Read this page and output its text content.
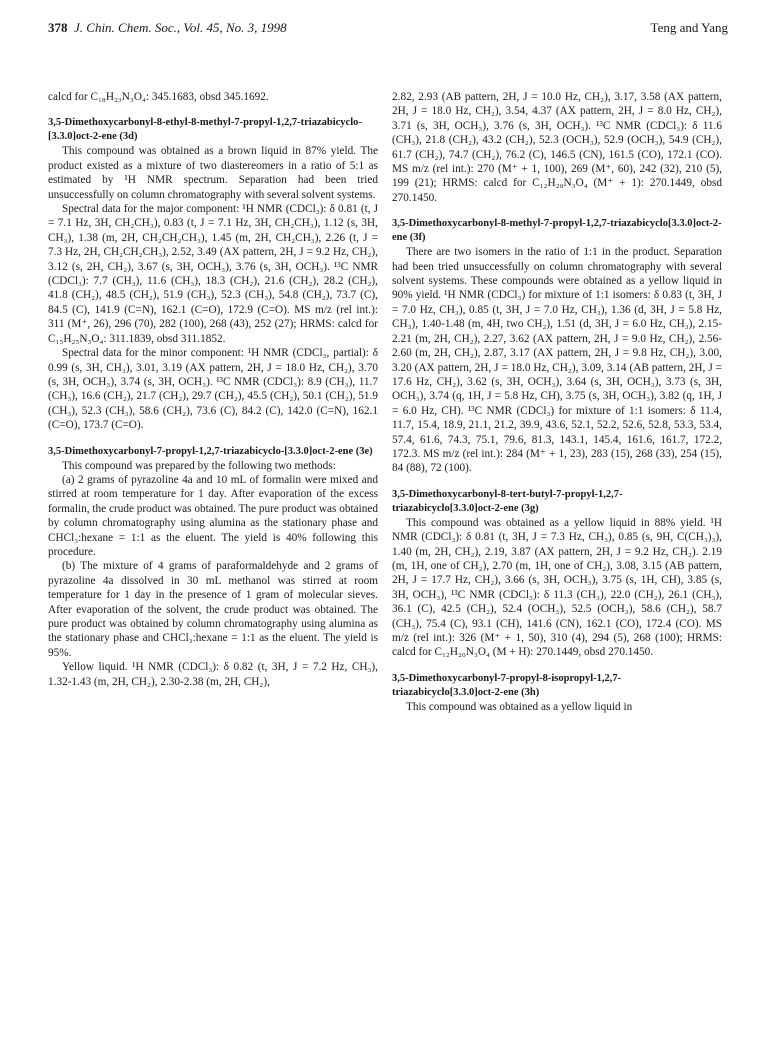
378 J. Chin. Chem. Soc., Vol. 45, No. 3, 1998	Teng and Yang

calcd for C₁₈H₂₃N₃O₄: 345.1683, obsd 345.1692.

3,5-Dimethoxycarbonyl-8-ethyl-8-methyl-7-propyl-1,2,7-triazabicyclo-[3.3.0]oct-2-ene (3d)

This compound was obtained as a brown liquid in 87% yield. The product existed as a mixture of two diastereomers in a ratio of 5:1 as estimated by ¹H NMR spectrum. Separation had been tried unsuccessfully on column chromatography with several solvent systems.

Spectral data for the major component: ¹H NMR (CDCl₃): δ 0.81 (t, J = 7.1 Hz, 3H, CH₂CH₃), 0.83 (t, J = 7.1 Hz, 3H, CH₂CH₃), 1.12 (s, 3H, CH₃), 1.38 (m, 2H, CH₂CH₂CH₃), 1.45 (m, 2H, CH₂CH₃), 2.26 (t, J = 7.3 Hz, 2H, CH₂CH₂CH₃), 2.52, 3.49 (AX pattern, 2H, J = 9.2 Hz, CH₂), 3.12 (s, 2H, CH₂), 3.67 (s, 3H, OCH₃), 3.76 (s, 3H, OCH₃). ¹³C NMR (CDCl₃): 7.7 (CH₃), 11.6 (CH₃), 18.3 (CH₂), 21.6 (CH₂), 28.2 (CH₂), 41.8 (CH₂), 48.5 (CH₂), 51.9 (CH₃), 52.3 (CH₃), 54.8 (CH₂), 73.7 (C), 84.5 (C), 141.9 (C=N), 162.1 (C=O), 172.9 (C=O). MS m/z (rel int.): 311 (M⁺, 26), 296 (70), 282 (100), 268 (43), 252 (27); HRMS: calcd for C₁₅H₂₅N₃O₄: 311.1839, obsd 311.1852.

Spectral data for the minor component: ¹H NMR (CDCl₃, partial): δ 0.99 (s, 3H, CH₃), 3.01, 3.19 (AX pattern, 2H, J = 18.0 Hz, CH₂), 3.70 (s, 3H, OCH₃), 3.74 (s, 3H, OCH₃). ¹³C NMR (CDCl₃): 8.9 (CH₃), 11.7 (CH₃), 16.6 (CH₂), 21.7 (CH₂), 29.7 (CH₂), 45.5 (CH₂), 50.1 (CH₂), 51.9 (CH₃), 52.3 (CH₃), 58.6 (CH₂), 73.6 (C), 84.2 (C), 142.0 (C=N), 162.1 (C=O), 173.7 (C=O).

3,5-Dimethoxycarbonyl-7-propyl-1,2,7-triazabicyclo-[3.3.0]oct-2-ene (3e)

This compound was prepared by the following two methods:

(a) 2 grams of pyrazoline 4a and 10 mL of formalin were mixed and stirred at room temperature for 1 day. After evaporation of the excess formalin, the crude product was obtained. The pure product was obtained by column chromatography using alumina as the stationary phase and CHCl₃:hexane = 1:1 as the eluent. The yield is 40% following this procedure.

(b) The mixture of 4 grams of paraformaldehyde and 2 grams of pyrazoline 4a dissolved in 30 mL methanol was stirred at room temperature for 1 day in the presence of 1 gram of molecular sieves. After evaporation of the solvent, the crude product was obtained. The pure product was obtained by column chromatography using alumina as the stationary phase and CHCl₃:hexane = 1:1 as the eluent. The yield is 95%.

Yellow liquid. ¹H NMR (CDCl₃): δ 0.82 (t, 3H, J = 7.2 Hz, CH₃), 1.32-1.43 (m, 2H, CH₂), 2.30-2.38 (m, 2H, CH₂),

2.82, 2.93 (AB pattern, 2H, J = 10.0 Hz, CH₂), 3.17, 3.58 (AX pattern, 2H, J = 18.0 Hz, CH₂), 3.54, 4.37 (AX pattern, 2H, J = 8.0 Hz, CH₂), 3.71 (s, 3H, OCH₃), 3.76 (s, 3H, OCH₃). ¹³C NMR (CDCl₃): δ 11.6 (CH₃), 21.8 (CH₂), 43.2 (CH₂), 52.3 (OCH₃), 52.9 (OCH₃), 54.9 (CH₂), 61.7 (CH₂), 74.7 (CH₂), 76.2 (C), 146.5 (CN), 161.5 (CO), 172.1 (CO). MS m/z (rel int.): 270 (M⁺ + 1, 100), 269 (M⁺, 60), 242 (32), 210 (5), 199 (21); HRMS: calcd for C₁₂H₂₀N₃O₄ (M⁺ + 1): 270.1449, obsd 270.1450.

3,5-Dimethoxycarbonyl-8-methyl-7-propyl-1,2,7-triazabicyclo[3.3.0]oct-2-ene (3f)

There are two isomers in the ratio of 1:1 in the product. Separation had been tried unsuccessfully on column chromatography with several solvent systems. These compounds were obtained as a yellow liquid in 90% yield. ¹H NMR (CDCl₃) for mixture of 1:1 isomers: δ 0.83 (t, 3H, J = 7.0 Hz, CH₃), 0.85 (t, 3H, J = 7.0 Hz, CH₃), 1.36 (d, 3H, J = 5.8 Hz, CH₃), 1.40-1.48 (m, 4H, two CH₂), 1.51 (d, 3H, J = 6.0 Hz, CH₃), 2.15-2.21 (m, 2H, CH₂), 2.27, 3.62 (AX pattern, 2H, J = 9.0 Hz, CH₂), 2.56-2.60 (m, 2H, CH₂), 2.87, 3.17 (AX pattern, 2H, J = 9.8 Hz, CH₂), 3.00, 3.20 (AX pattern, 2H, J = 18.0 Hz, CH₂), 3.09, 3.14 (AB pattern, 2H, J = 17.6 Hz, CH₂), 3.62 (s, 3H, OCH₃), 3.64 (s, 3H, OCH₃), 3.73 (s, 3H, OCH₃), 3.74 (q, 1H, J = 5.8 Hz, CH), 3.75 (s, 3H, OCH₃), 3.82 (q, 1H, J = 6.0 Hz, CH). ¹³C NMR (CDCl₃) for mixture of 1:1 isomers: δ 11.4, 11.7, 15.4, 18.9, 21.1, 21.2, 39.9, 43.6, 52.1, 52.2, 52.6, 52.8, 53.3, 53.4, 57.4, 61.6, 74.3, 75.1, 79.6, 81.3, 143.1, 145.4, 161.6, 161.7, 172.2, 172.3. MS m/z (rel int.): 284 (M⁺ + 1, 23), 283 (15), 268 (33), 254 (15), 84 (88), 72 (100).

3,5-Dimethoxycarbonyl-8-tert-butyl-7-propyl-1,2,7-triazabicyclo[3.3.0]oct-2-ene (3g)

This compound was obtained as a yellow liquid in 88% yield. ¹H NMR (CDCl₃): δ 0.81 (t, 3H, J = 7.3 Hz, CH₃), 0.85 (s, 9H, C(CH₃)₃), 1.40 (m, 2H, CH₂), 2.19, 3.87 (AX pattern, 2H, J = 9.2 Hz, CH₂). 2.19 (m, 1H, one of CH₂), 2.70 (m, 1H, one of CH₂), 3.08, 3.15 (AB pattern, 2H, J = 17.7 Hz, CH₂), 3.66 (s, 3H, OCH₃), 3.75 (s, 1H, CH), 3.85 (s, 3H, OCH₃), ¹³C NMR (CDCl₃): δ 11.3 (CH₃), 22.0 (CH₂), 26.1 (CH₃), 36.1 (C), 42.5 (CH₂), 52.4 (OCH₃), 52.5 (OCH₃), 58.6 (CH₂), 58.7 (CH₃), 75.4 (C), 93.1 (CH), 141.6 (CN), 162.1 (CO), 172.4 (CO). MS m/z (rel int.): 326 (M⁺ + 1, 50), 310 (4), 294 (5), 268 (100); HRMS: calcd for C₁₂H₂₀N₃O₄ (M + H): 270.1449, obsd 270.1450.

3,5-Dimethoxycarbonyl-7-propyl-8-isopropyl-1,2,7-triazabicyclo[3.3.0]oct-2-ene (3h)

This compound was obtained as a yellow liquid in
